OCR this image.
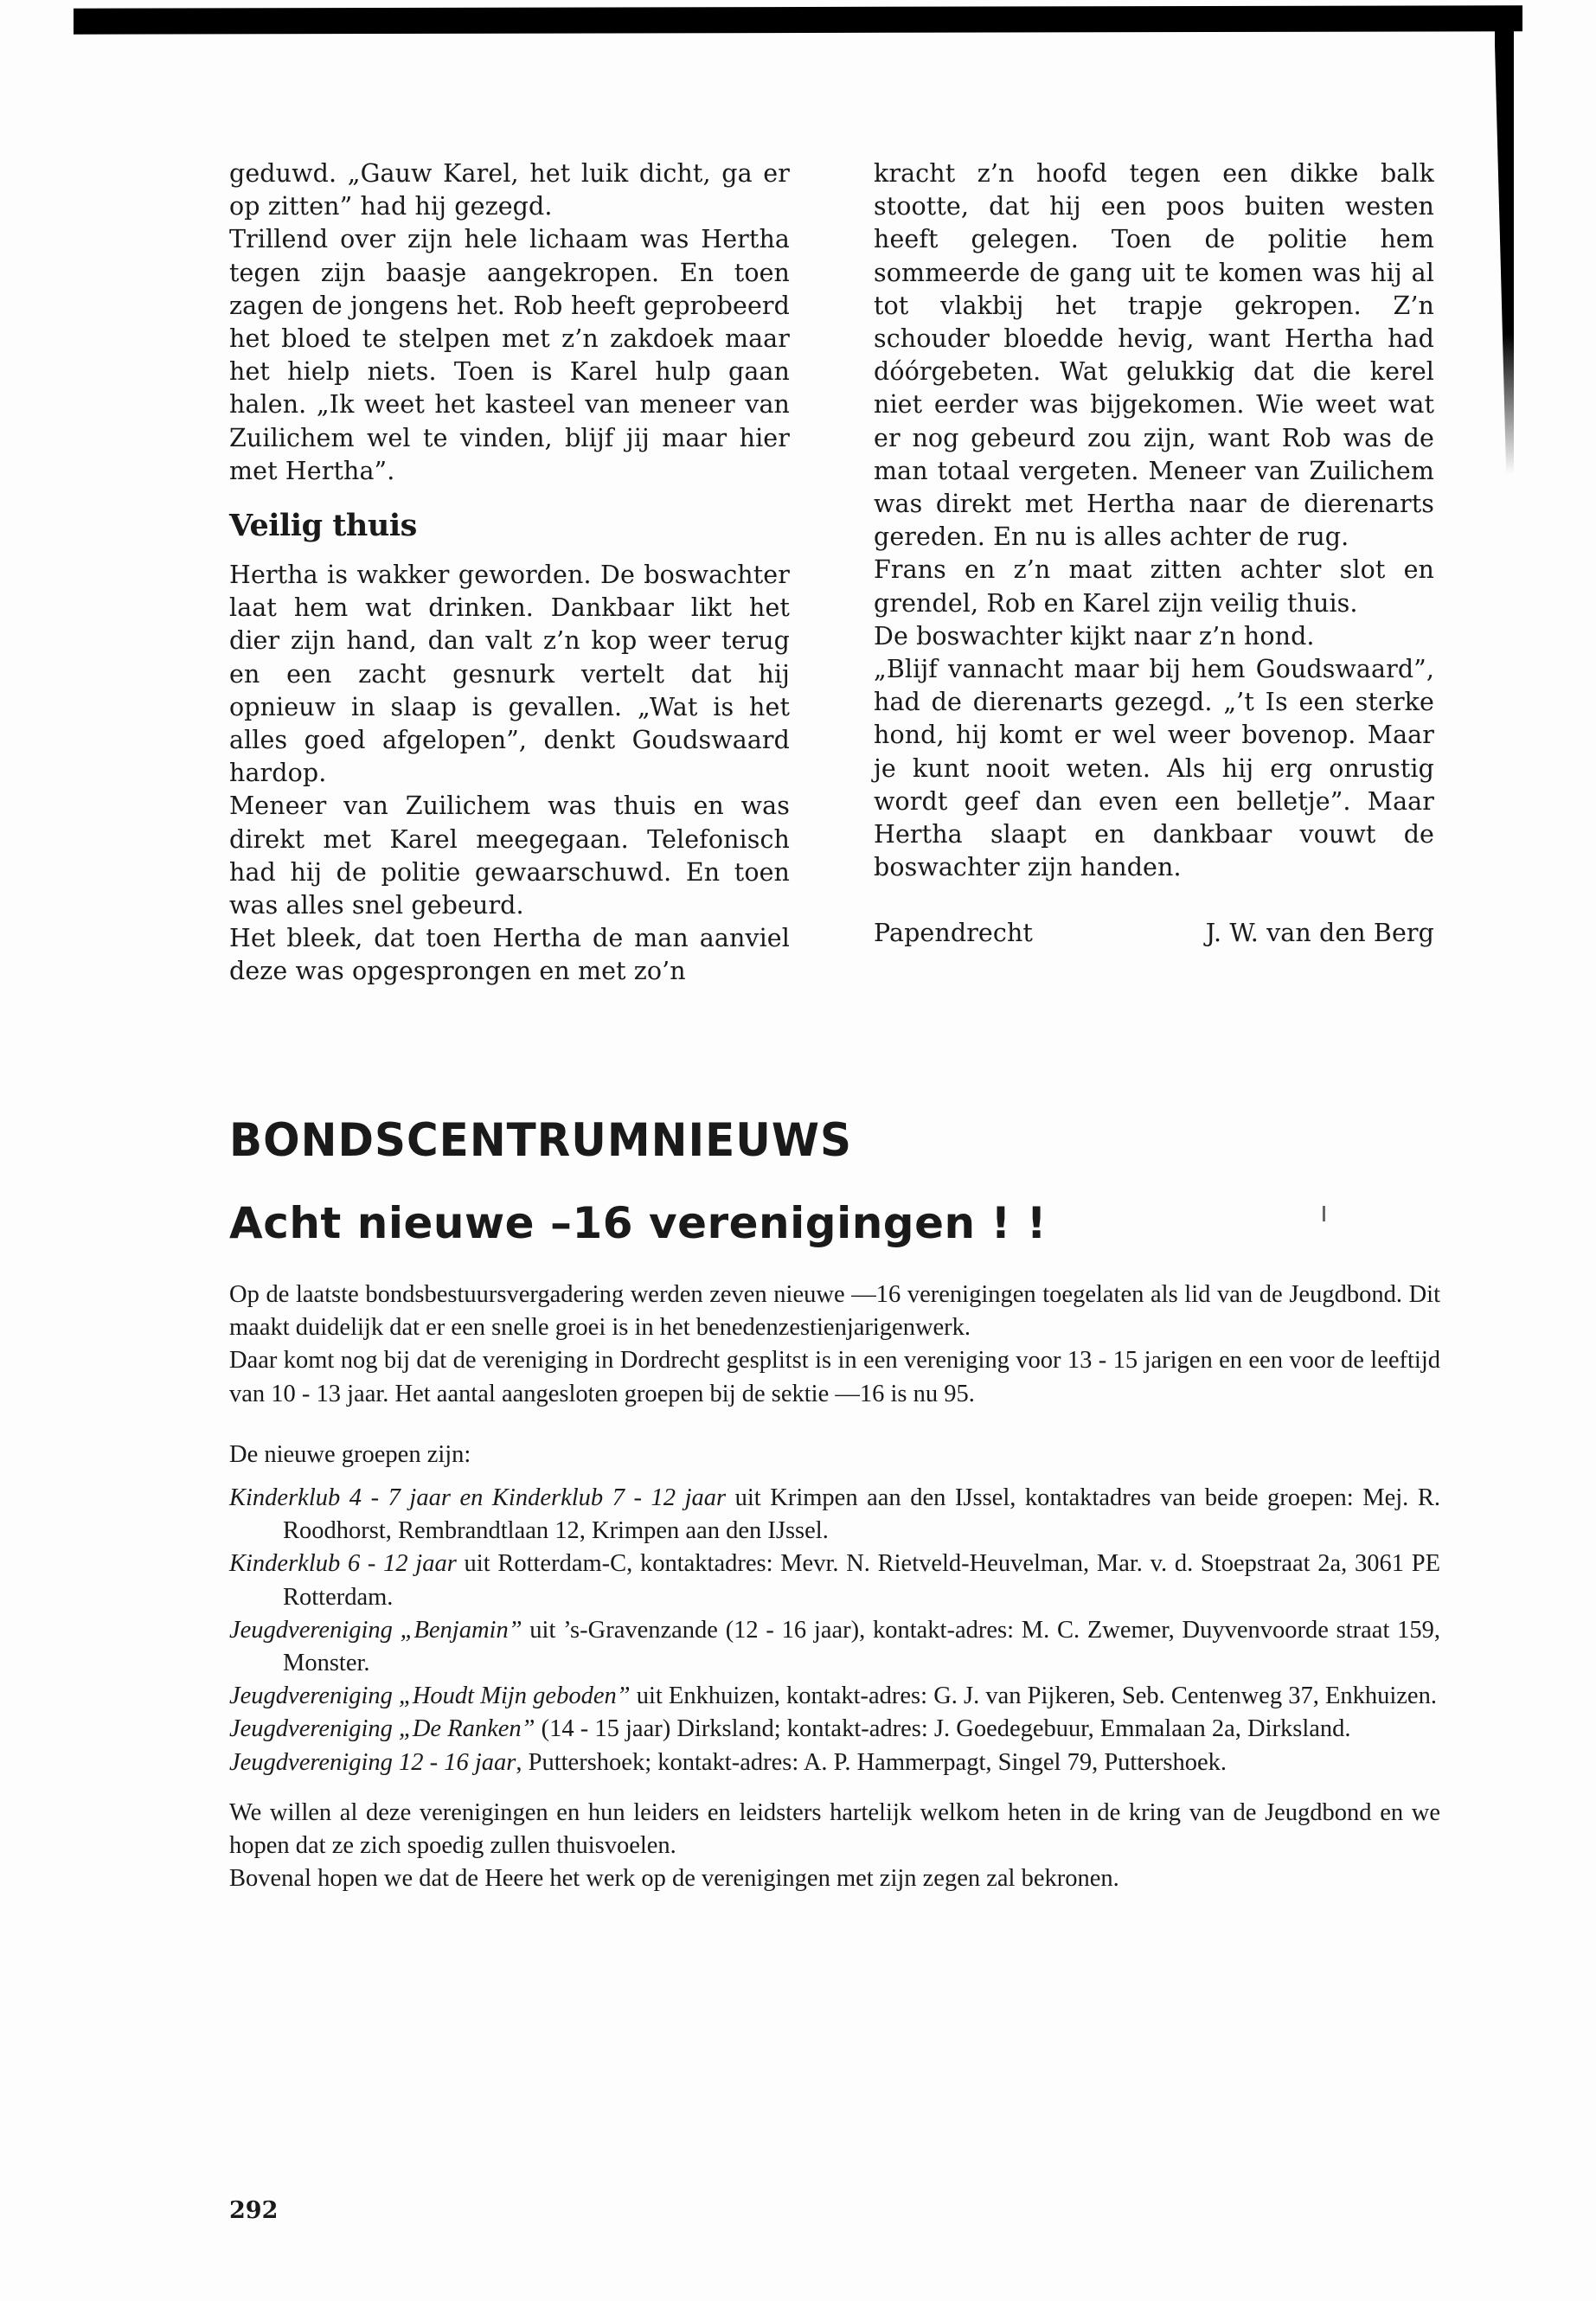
geduwd. „Gauw Karel, het luik dicht, ga er op zitten” had hij gezegd.

Trillend over zijn hele lichaam was Hertha tegen zijn baasje aangekropen. En toen zagen de jongens het. Rob heeft geprobeerd het bloed te stelpen met z’n zakdoek maar het hielp niets. Toen is Karel hulp gaan halen. „Ik weet het kasteel van meneer van Zuilichem wel te vinden, blijf jij maar hier met Hertha”.

Veilig thuis

Hertha is wakker geworden. De boswachter laat hem wat drinken. Dankbaar likt het dier zijn hand, dan valt z’n kop weer terug en een zacht gesnurk vertelt dat hij opnieuw in slaap is gevallen. „Wat is het alles goed afgelopen”, denkt Goudswaard hardop.

Meneer van Zuilichem was thuis en was direkt met Karel meegegaan. Telefonisch had hij de politie gewaarschuwd. En toen was alles snel gebeurd.

Het bleek, dat toen Hertha de man aanviel deze was opgesprongen en met zo’n

kracht z’n hoofd tegen een dikke balk stootte, dat hij een poos buiten westen heeft gelegen. Toen de politie hem sommeerde de gang uit te komen was hij al tot vlakbij het trapje gekropen. Z’n schouder bloedde hevig, want Hertha had dóórgebeten. Wat gelukkig dat die kerel niet eerder was bijgekomen. Wie weet wat er nog gebeurd zou zijn, want Rob was de man totaal vergeten. Meneer van Zuilichem was direkt met Hertha naar de dierenarts gereden. En nu is alles achter de rug.

Frans en z’n maat zitten achter slot en grendel, Rob en Karel zijn veilig thuis.

De boswachter kijkt naar z’n hond.

„Blijf vannacht maar bij hem Goudswaard”, had de dierenarts gezegd. „’t Is een sterke hond, hij komt er wel weer bovenop. Maar je kunt nooit weten. Als hij erg onrustig wordt geef dan even een belletje”. Maar Hertha slaapt en dankbaar vouwt de boswachter zijn handen.

Papendrecht	J. W. van den Berg
BONDSCENTRUMNIEUWS
Acht nieuwe –16 verenigingen ! !

Op de laatste bondsbestuursvergadering werden zeven nieuwe —16 verenigingen toegelaten als lid van de Jeugdbond. Dit maakt duidelijk dat er een snelle groei is in het benedenzestienjarigenwerk.

Daar komt nog bij dat de vereniging in Dordrecht gesplitst is in een vereniging voor 13 - 15 jarigen en een voor de leeftijd van 10 - 13 jaar. Het aantal aangesloten groepen bij de sektie —16 is nu 95.

De nieuwe groepen zijn:

Kinderklub 4 - 7 jaar en Kinderklub 7 - 12 jaar uit Krimpen aan den IJssel, kontaktadres van beide groepen: Mej. R. Roodhorst, Rembrandtlaan 12, Krimpen aan den IJssel.

Kinderklub 6 - 12 jaar uit Rotterdam-C, kontaktadres: Mevr. N. Rietveld-Heuvelman, Mar. v. d. Stoepstraat 2a, 3061 PE Rotterdam.

Jeugdvereniging „Benjamin” uit ’s-Gravenzande (12 - 16 jaar), kontakt-adres: M. C. Zwemer, Duyvenvoorde straat 159, Monster.

Jeugdvereniging „Houdt Mijn geboden” uit Enkhuizen, kontakt-adres: G. J. van Pijkeren, Seb. Centenweg 37, Enkhuizen.

Jeugdvereniging „De Ranken” (14 - 15 jaar) Dirksland; kontakt-adres: J. Goedegebuur, Emmalaan 2a, Dirksland.

Jeugdvereniging 12 - 16 jaar, Puttershoek; kontakt-adres: A. P. Hammerpagt, Singel 79, Puttershoek.

We willen al deze verenigingen en hun leiders en leidsters hartelijk welkom heten in de kring van de Jeugdbond en we hopen dat ze zich spoedig zullen thuisvoelen.

Bovenal hopen we dat de Heere het werk op de verenigingen met zijn zegen zal bekronen.

292
